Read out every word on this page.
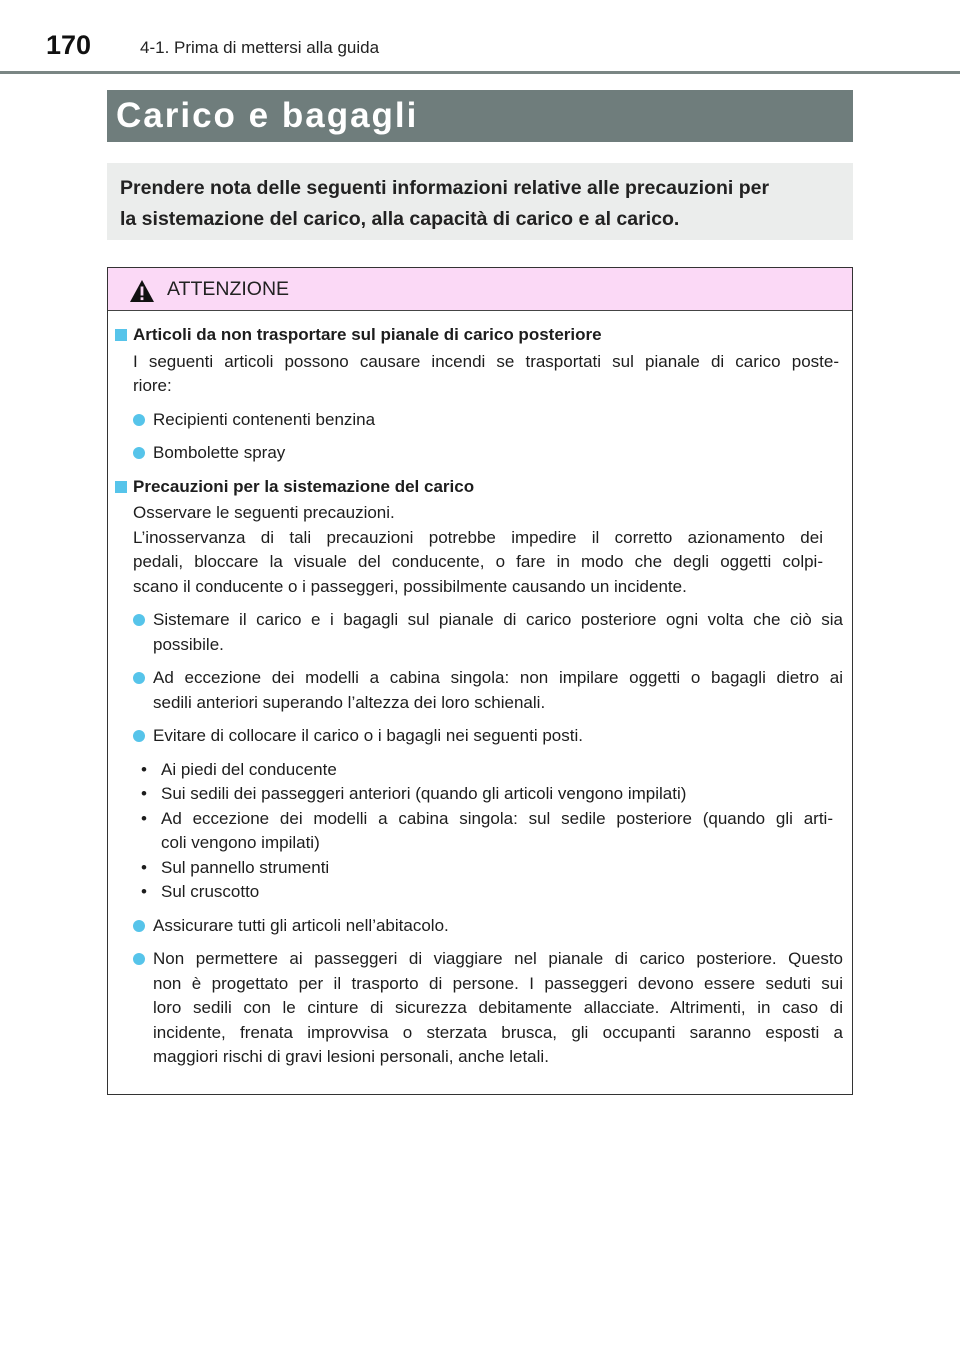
170	4-1. Prima di mettersi alla guida
Carico e bagagli

Prendere nota delle seguenti informazioni relative alle precauzioni per
la sistemazione del carico, alla capacità di carico e al carico.

ATTENZIONE
Articoli da non trasportare sul pianale di carico posteriore

I seguenti articoli possono causare incendi se trasportati sul pianale di carico poste-
riore:

Recipienti contenenti benzina
Bombolette spray
Precauzioni per la sistemazione del carico

Osservare le seguenti precauzioni.
L’inosservanza di tali precauzioni potrebbe impedire il corretto azionamento dei
pedali, bloccare la visuale del conducente, o fare in modo che degli oggetti colpi-
scano il conducente o i passeggeri, possibilmente causando un incidente.

Sistemare il carico e i bagagli sul pianale di carico posteriore ogni volta che ciò sia
possibile.
Ad eccezione dei modelli a cabina singola: non impilare oggetti o bagagli dietro ai
sedili anteriori superando l’altezza dei loro schienali.
Evitare di collocare il carico o i bagagli nei seguenti posti.
• Ai piedi del conducente
• Sui sedili dei passeggeri anteriori (quando gli articoli vengono impilati)
• Ad eccezione dei modelli a cabina singola: sul sedile posteriore (quando gli arti-
coli vengono impilati)
• Sul pannello strumenti
• Sul cruscotto
Assicurare tutti gli articoli nell’abitacolo.
Non permettere ai passeggeri di viaggiare nel pianale di carico posteriore. Questo
non è progettato per il trasporto di persone. I passeggeri devono essere seduti sui
loro sedili con le cinture di sicurezza debitamente allacciate. Altrimenti, in caso di
incidente, frenata improvvisa o sterzata brusca, gli occupanti saranno esposti a
maggiori rischi di gravi lesioni personali, anche letali.
